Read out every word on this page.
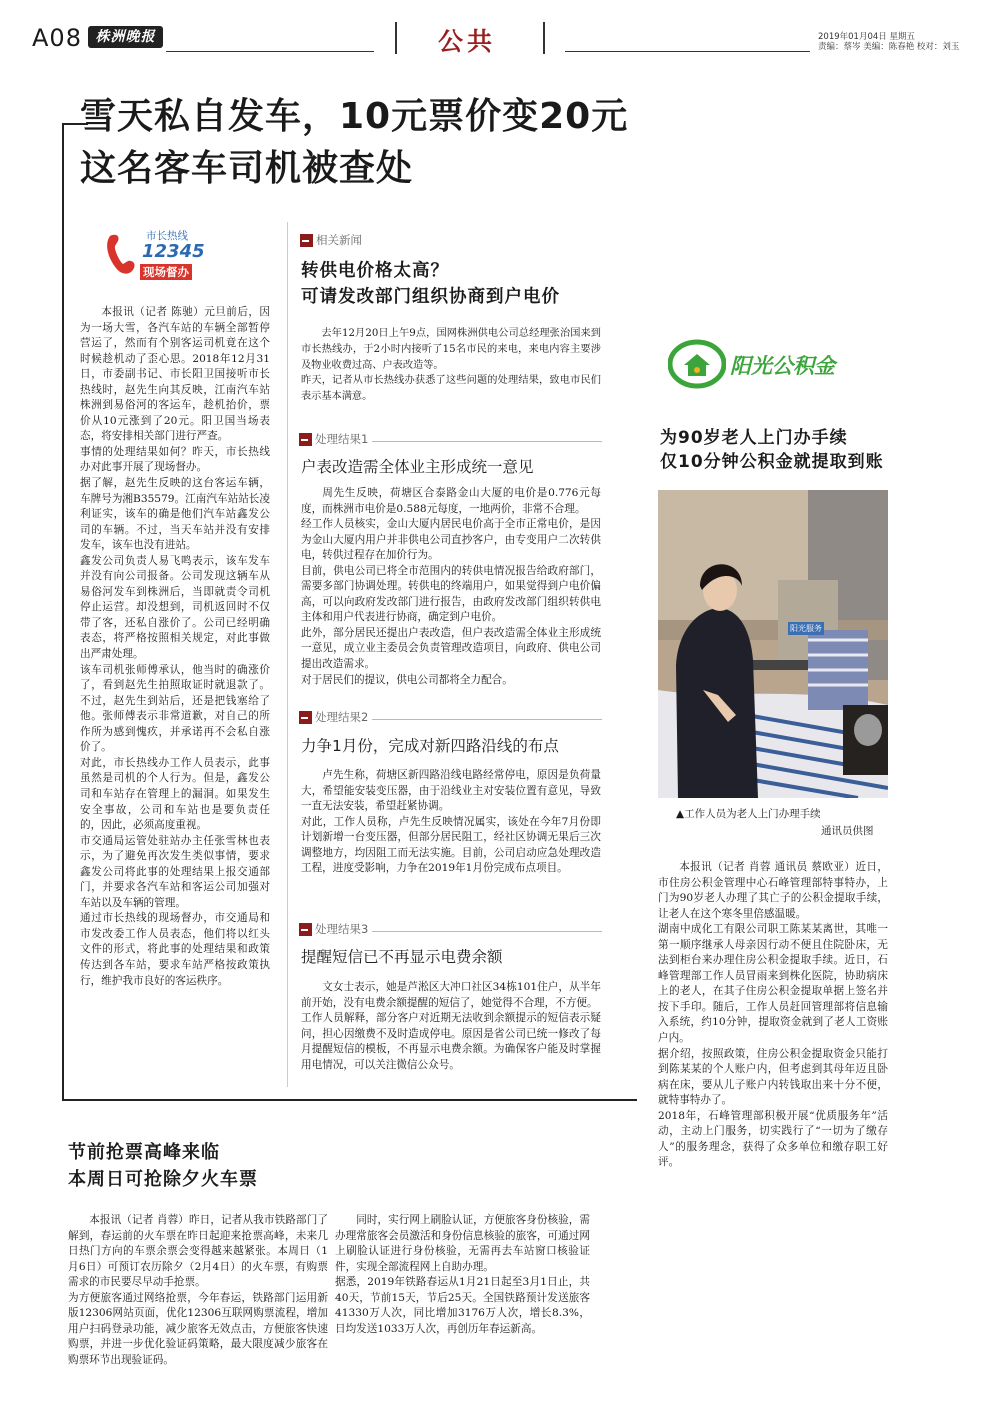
A08 株洲晚报	公共	2019年01月04日 星期五
责编：蔡岑 美编：陈春艳 校对：刘玉
雪天私自发车，10元票价变20元
这名客车司机被查处
市长热线
12345
现场督办
本报讯（记者 陈驰）元旦前后，因为一场大雪，各汽车站的车辆全部暂停营运了，然而有个别客运司机竟在这个时候趁机动了歪心思。2018年12月31日，市委副书记、市长阳卫国接听市长热线时，赵先生向其反映，江南汽车站株洲到易俗河的客运车，趁机抬价，票价从10元涨到了20元。阳卫国当场表态，将安排相关部门进行严查。
事情的处理结果如何？昨天，市长热线办对此事开展了现场督办。
据了解，赵先生反映的这台客运车辆，车牌号为湘B35579。江南汽车站站长凌利证实，该车的确是他们汽车站鑫发公司的车辆。不过，当天车站并没有安排发车，该车也没有进站。
鑫发公司负责人易飞鸣表示，该车发车并没有向公司报备。公司发现这辆车从易俗河发车到株洲后，当即就责令司机停止运营。却没想到，司机返回时不仅带了客，还私自涨价了。公司已经明确表态，将严格按照相关规定，对此事做出严肃处理。
该车司机张师傅承认，他当时的确涨价了，看到赵先生拍照取证时就退款了。不过，赵先生到站后，还是把钱塞给了他。张师傅表示非常道歉，对自己的所作所为感到愧疚，并承诺再不会私自涨价了。
对此，市长热线办工作人员表示，此事虽然是司机的个人行为。但是，鑫发公司和车站存在管理上的漏洞。如果发生安全事故，公司和车站也是要负责任的，因此，必须高度重视。
市交通局运管处驻站办主任张雪林也表示，为了避免再次发生类似事情，要求鑫发公司将此事的处理结果上报交通部门，并要求各汽车站和客运公司加强对车站以及车辆的管理。
通过市长热线的现场督办，市交通局和市发改委工作人员表态，他们将以红头文件的形式，将此事的处理结果和政策传达到各车站，要求车站严格按政策执行，维护我市良好的客运秩序。
相关新闻
转供电价格太高？
可请发改部门组织协商到户电价
去年12月20日上午9点，国网株洲供电公司总经理张治国来到市长热线办，于2小时内接听了15名市民的来电，来电内容主要涉及物业收费过高、户表改造等。
昨天，记者从市长热线办获悉了这些问题的处理结果，致电市民们表示基本满意。
处理结果1
户表改造需全体业主形成统一意见
周先生反映，荷塘区合泰路金山大厦的电价是0.776元每度，而株洲市电价是0.588元每度，一地两价，非常不合理。
经工作人员核实，金山大厦内居民电价高于全市正常电价，是因为金山大厦内用户并非供电公司直抄客户，由专变用户二次转供电，转供过程存在加价行为。
目前，供电公司已将全市范围内的转供电情况报告给政府部门，需要多部门协调处理。转供电的终端用户，如果觉得到户电价偏高，可以向政府发改部门进行报告，由政府发改部门组织转供电主体和用户代表进行协商，确定到户电价。
此外，部分居民还提出户表改造，但户表改造需全体业主形成统一意见，成立业主委员会负责管理改造项目，向政府、供电公司提出改造需求。
对于居民们的提议，供电公司都将全力配合。
处理结果2
力争1月份，完成对新四路沿线的布点
卢先生称，荷塘区新四路沿线电路经常停电，原因是负荷量大，希望能安装变压器，由于沿线业主对安装位置有意见，导致一直无法安装，希望赶紧协调。
对此，工作人员称，卢先生反映情况属实，该处在今年7月份即计划新增一台变压器，但部分居民阻工，经社区协调无果后三次调整地方，均因阻工而无法实施。目前，公司启动应急处理改造工程，进度受影响，力争在2019年1月份完成布点项目。
处理结果3
提醒短信已不再显示电费余额
文女士表示，她是芦淞区大冲口社区34栋101住户，从半年前开始，没有电费余额提醒的短信了，她觉得不合理，不方便。
工作人员解释，部分客户对近期无法收到余额提示的短信表示疑问，担心因缴费不及时造成停电。原因是省公司已统一修改了每月提醒短信的模板，不再显示电费余额。为确保客户能及时掌握用电情况，可以关注微信公众号。
阳光公积金
为90岁老人上门办手续
仅10分钟公积金就提取到账
阳光服务
▲工作人员为老人上门办理手续
通讯员供图
本报讯（记者 肖蓉 通讯员 蔡欧亚）近日，市住房公积金管理中心石峰管理部特事特办，上门为90岁老人办理了其亡子的公积金提取手续，让老人在这个寒冬里倍感温暖。
湖南中成化工有限公司职工陈某某离世，其唯一第一顺序继承人母亲因行动不便且住院卧床，无法到柜台来办理住房公积金提取手续。近日，石峰管理部工作人员冒雨来到株化医院，协助病床上的老人，在其子住房公积金提取单据上签名并按下手印。随后，工作人员赶回管理部将信息输入系统，约10分钟，提取资金就到了老人工资账户内。
据介绍，按照政策，住房公积金提取资金只能打到陈某某的个人账户内，但考虑到其母年迈且卧病在床，要从儿子账户内转钱取出来十分不便，就特事特办了。
2018年，石峰管理部积极开展“优质服务年”活动，主动上门服务，切实践行了“一切为了缴存人”的服务理念，获得了众多单位和缴存职工好评。
节前抢票高峰来临
本周日可抢除夕火车票
本报讯（记者 肖蓉）昨日，记者从我市铁路部门了解到，春运前的火车票在昨日起迎来抢票高峰，未来几日热门方向的车票余票会变得越来越紧张。本周日（1月6日）可预订农历除夕（2月4日）的火车票，有购票需求的市民要尽早动手抢票。
为方便旅客通过网络抢票，今年春运，铁路部门运用新版12306网站页面，优化12306互联网购票流程，增加用户扫码登录功能，减少旅客无效点击，方便旅客快速购票，并进一步优化验证码策略，最大限度减少旅客在购票环节出现验证码。
同时，实行网上刷脸认证，方便旅客身份核验，需办理常旅客会员激活和身份信息核验的旅客，可通过网上刷脸认证进行身份核验，无需再去车站窗口核验证件，实现全部流程网上自助办理。
据悉，2019年铁路春运从1月21日起至3月1日止，共40天，节前15天，节后25天。全国铁路预计发送旅客41330万人次，同比增加3176万人次，增长8.3%，日均发送1033万人次，再创历年春运新高。
